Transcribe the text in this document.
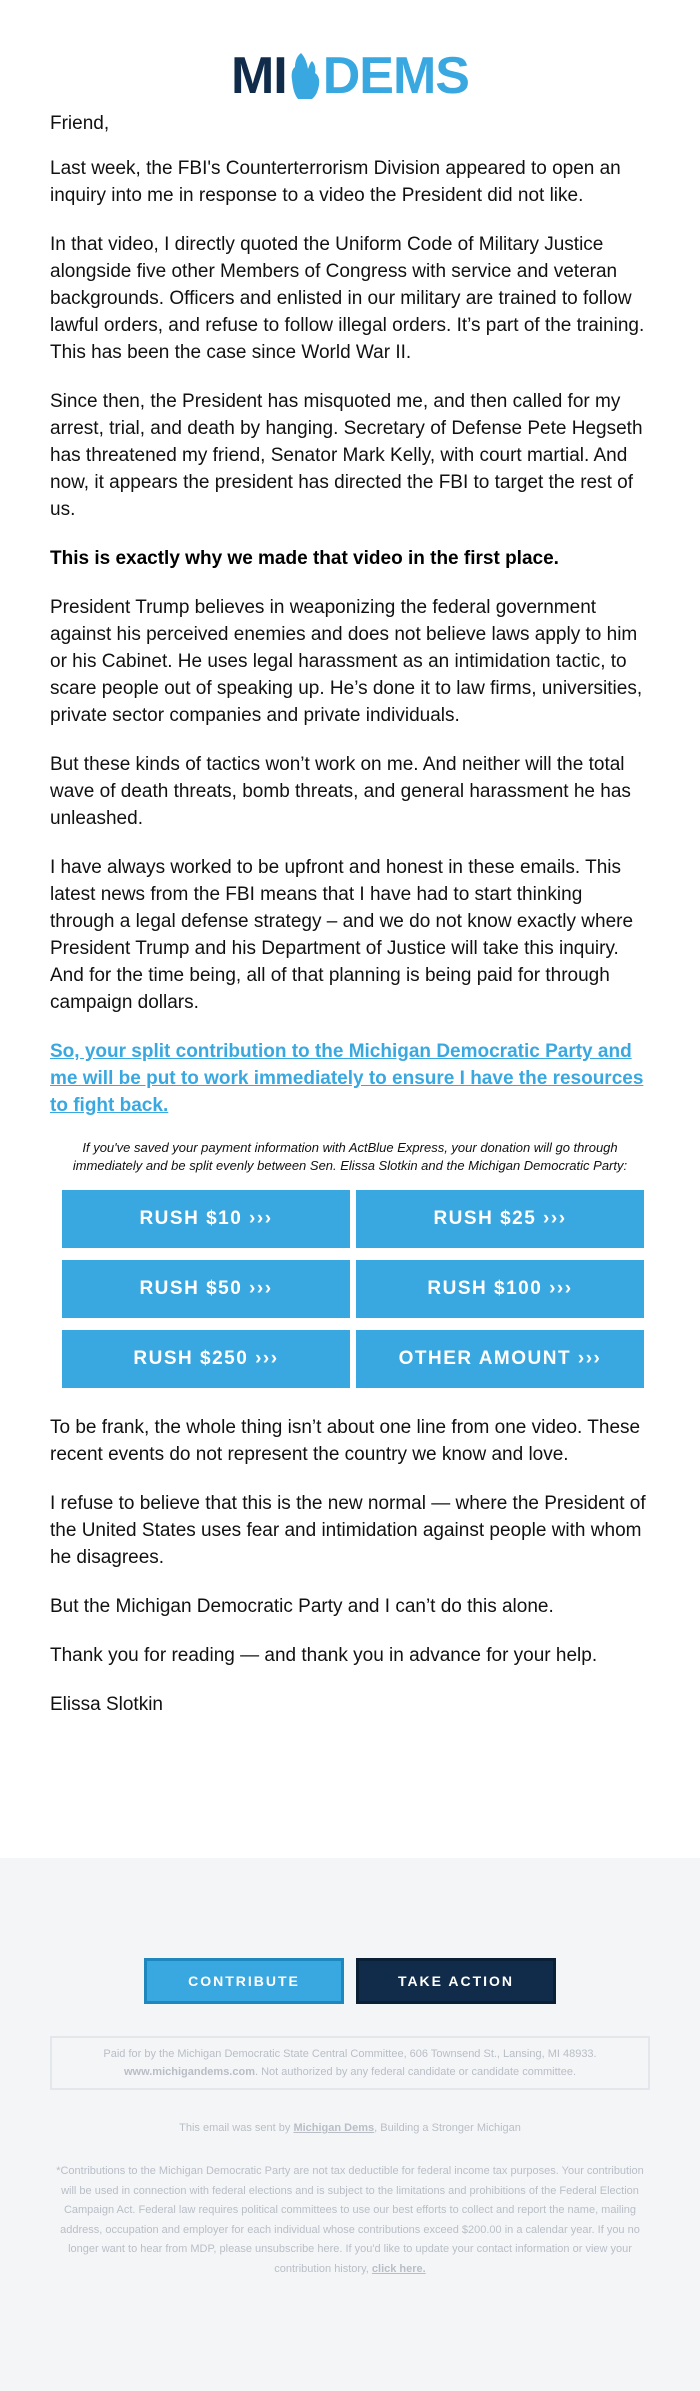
MI DEMS

Friend,

Last week, the FBI's Counterterrorism Division appeared to open an inquiry into me in response to a video the President did not like.

In that video, I directly quoted the Uniform Code of Military Justice alongside five other Members of Congress with service and veteran backgrounds. Officers and enlisted in our military are trained to follow lawful orders, and refuse to follow illegal orders. It’s part of the training. This has been the case since World War II.

Since then, the President has misquoted me, and then called for my arrest, trial, and death by hanging. Secretary of Defense Pete Hegseth has threatened my friend, Senator Mark Kelly, with court martial. And now, it appears the president has directed the FBI to target the rest of us.

This is exactly why we made that video in the first place.

President Trump believes in weaponizing the federal government against his perceived enemies and does not believe laws apply to him or his Cabinet. He uses legal harassment as an intimidation tactic, to scare people out of speaking up. He’s done it to law firms, universities, private sector companies and private individuals.

But these kinds of tactics won’t work on me. And neither will the total wave of death threats, bomb threats, and general harassment he has unleashed.

I have always worked to be upfront and honest in these emails. This latest news from the FBI means that I have had to start thinking through a legal defense strategy – and we do not know exactly where President Trump and his Department of Justice will take this inquiry. And for the time being, all of that planning is being paid for through campaign dollars.

So, your split contribution to the Michigan Democratic Party and me will be put to work immediately to ensure I have the resources to fight back.

If you've saved your payment information with ActBlue Express, your donation will go through immediately and be split evenly between Sen. Elissa Slotkin and the Michigan Democratic Party:

RUSH $10 ›››	RUSH $25 ›››
RUSH $50 ›››	RUSH $100 ›››
RUSH $250 ›››	OTHER AMOUNT ›››

To be frank, the whole thing isn’t about one line from one video. These recent events do not represent the country we know and love.

I refuse to believe that this is the new normal — where the President of the United States uses fear and intimidation against people with whom he disagrees.

But the Michigan Democratic Party and I can’t do this alone.

Thank you for reading — and thank you in advance for your help.

Elissa Slotkin

CONTRIBUTE	TAKE ACTION
Paid for by the Michigan Democratic State Central Committee, 606 Townsend St., Lansing, MI 48933.
www.michigandems.com. Not authorized by any federal candidate or candidate committee.
This email was sent by Michigan Dems, Building a Stronger Michigan
*Contributions to the Michigan Democratic Party are not tax deductible for federal income tax purposes. Your contribution will be used in connection with federal elections and is subject to the limitations and prohibitions of the Federal Election Campaign Act. Federal law requires political committees to use our best efforts to collect and report the name, mailing address, occupation and employer for each individual whose contributions exceed $200.00 in a calendar year. If you no longer want to hear from MDP, please unsubscribe here. If you'd like to update your contact information or view your contribution history, click here.
